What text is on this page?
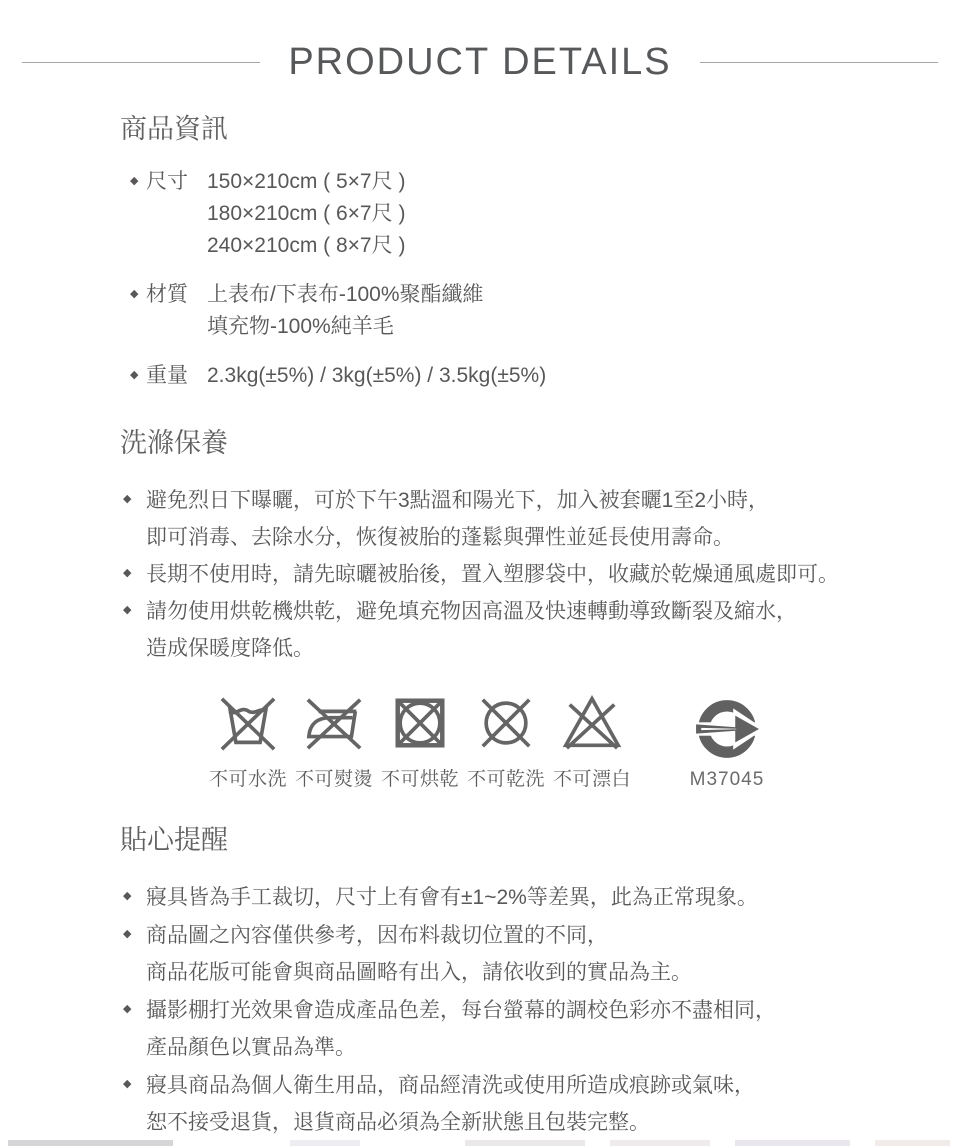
PRODUCT DETAILS
商品資訊
◆ 尺寸 150×210cm ( 5×7尺 )
180×210cm ( 6×7尺 )
240×210cm ( 8×7尺 )
◆ 材質 上表布/下表布-100%聚酯纖維
填充物-100%純羊毛
◆ 重量 2.3kg(±5%) / 3kg(±5%) / 3.5kg(±5%)
洗滌保養
◆ 避免烈日下曝曬，可於下午3點溫和陽光下，加入被套曬1至2小時，
即可消毒、去除水分，恢復被胎的蓬鬆與彈性並延長使用壽命。
◆ 長期不使用時，請先晾曬被胎後，置入塑膠袋中，收藏於乾燥通風處即可。
◆ 請勿使用烘乾機烘乾，避免填充物因高溫及快速轉動導致斷裂及縮水，
造成保暖度降低。
不可水洗 不可熨燙 不可烘乾 不可乾洗 不可漂白	M37045
貼心提醒
◆ 寢具皆為手工裁切，尺寸上有會有±1~2%等差異，此為正常現象。
◆ 商品圖之內容僅供參考，因布料裁切位置的不同，
商品花版可能會與商品圖略有出入，請依收到的實品為主。
◆ 攝影棚打光效果會造成產品色差，每台螢幕的調校色彩亦不盡相同，
產品顏色以實品為準。
◆ 寢具商品為個人衛生用品，商品經清洗或使用所造成痕跡或氣味，
恕不接受退貨，退貨商品必須為全新狀態且包裝完整。
